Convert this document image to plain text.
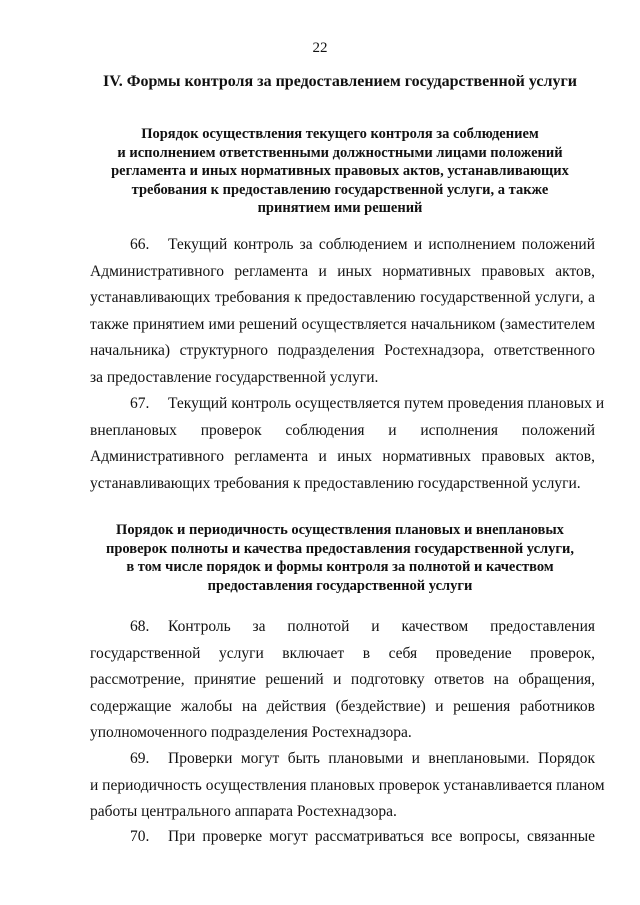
22
IV. Формы контроля за предоставлением государственной услуги
Порядок осуществления текущего контроля за соблюдением
и исполнением ответственными должностными лицами положений
регламента и иных нормативных правовых актов, устанавливающих
требования к предоставлению государственной услуги, а также
принятием ими решений
66. Текущий контроль за соблюдением и исполнением положений
Административного регламента и иных нормативных правовых актов,
устанавливающих требования к предоставлению государственной услуги, а
также принятием ими решений осуществляется начальником (заместителем
начальника) структурного подразделения Ростехнадзора, ответственного
за предоставление государственной услуги.
67. Текущий контроль осуществляется путем проведения плановых и
внеплановых проверок соблюдения и исполнения положений
Административного регламента и иных нормативных правовых актов,
устанавливающих требования к предоставлению государственной услуги.
Порядок и периодичность осуществления плановых и внеплановых
проверок полноты и качества предоставления государственной услуги,
в том числе порядок и формы контроля за полнотой и качеством
предоставления государственной услуги
68. Контроль за полнотой и качеством предоставления
государственной услуги включает в себя проведение проверок,
рассмотрение, принятие решений и подготовку ответов на обращения,
содержащие жалобы на действия (бездействие) и решения работников
уполномоченного подразделения Ростехнадзора.
69. Проверки могут быть плановыми и внеплановыми. Порядок
и периодичность осуществления плановых проверок устанавливается планом
работы центрального аппарата Ростехнадзора.
70. При проверке могут рассматриваться все вопросы, связанные
